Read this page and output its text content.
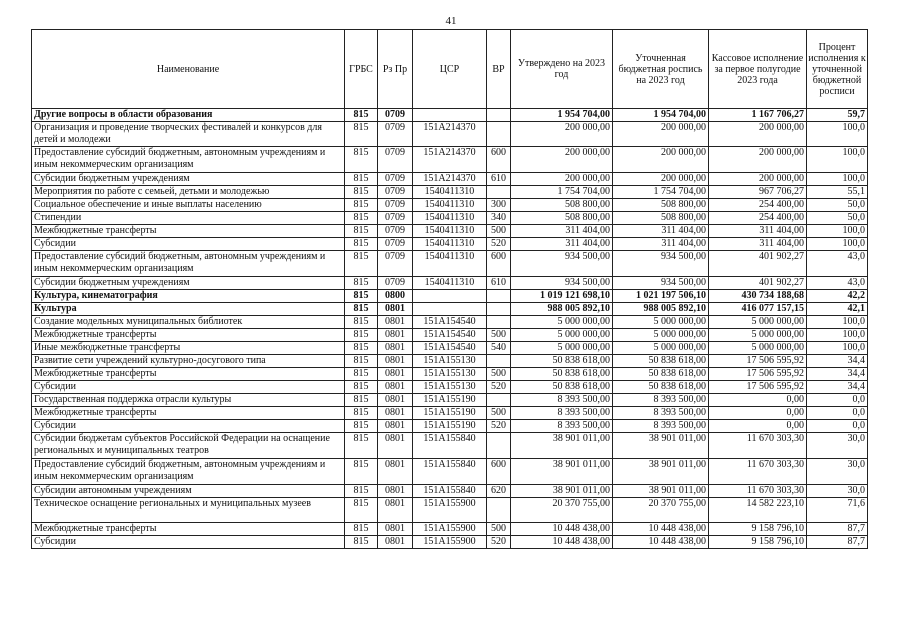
41
Наименование	ГРБС	Рз Пр	ЦСР	ВР	Утверждено на 2023 год	Уточненная бюджетная роспись на 2023 год	Кассовое исполнение за первое полугодие 2023 года	Процент исполнения к уточненной бюджетной росписи
Другие вопросы в области образования	815	0709			1 954 704,00	1 954 704,00	1 167 706,27	59,7
Организация и проведение творческих фестивалей и конкурсов для детей и молодежи	815	0709	151А214370		200 000,00	200 000,00	200 000,00	100,0
Предоставление субсидий бюджетным, автономным учреждениям и иным некоммерческим организациям	815	0709	151А214370	600	200 000,00	200 000,00	200 000,00	100,0
Субсидии бюджетным учреждениям	815	0709	151А214370	610	200 000,00	200 000,00	200 000,00	100,0
Мероприятия по работе с семьей, детьми и молодежью	815	0709	1540411310		1 754 704,00	1 754 704,00	967 706,27	55,1
Социальное обеспечение и иные выплаты населению	815	0709	1540411310	300	508 800,00	508 800,00	254 400,00	50,0
Стипендии	815	0709	1540411310	340	508 800,00	508 800,00	254 400,00	50,0
Межбюджетные трансферты	815	0709	1540411310	500	311 404,00	311 404,00	311 404,00	100,0
Субсидии	815	0709	1540411310	520	311 404,00	311 404,00	311 404,00	100,0
Предоставление субсидий бюджетным, автономным учреждениям и иным некоммерческим организациям	815	0709	1540411310	600	934 500,00	934 500,00	401 902,27	43,0
Субсидии бюджетным учреждениям	815	0709	1540411310	610	934 500,00	934 500,00	401 902,27	43,0
Культура, кинематография	815	0800			1 019 121 698,10	1 021 197 506,10	430 734 188,68	42,2
Культура	815	0801			988 005 892,10	988 005 892,10	416 077 157,15	42,1
Создание модельных муниципальных библиотек	815	0801	151А154540		5 000 000,00	5 000 000,00	5 000 000,00	100,0
Межбюджетные трансферты	815	0801	151А154540	500	5 000 000,00	5 000 000,00	5 000 000,00	100,0
Иные межбюджетные трансферты	815	0801	151А154540	540	5 000 000,00	5 000 000,00	5 000 000,00	100,0
Развитие сети учреждений культурно-досугового типа	815	0801	151А155130		50 838 618,00	50 838 618,00	17 506 595,92	34,4
Межбюджетные трансферты	815	0801	151А155130	500	50 838 618,00	50 838 618,00	17 506 595,92	34,4
Субсидии	815	0801	151А155130	520	50 838 618,00	50 838 618,00	17 506 595,92	34,4
Государственная поддержка отрасли культуры	815	0801	151А155190		8 393 500,00	8 393 500,00	0,00	0,0
Межбюджетные трансферты	815	0801	151А155190	500	8 393 500,00	8 393 500,00	0,00	0,0
Субсидии	815	0801	151А155190	520	8 393 500,00	8 393 500,00	0,00	0,0
Субсидии бюджетам субъектов Российской Федерации на оснащение региональных и муниципальных театров	815	0801	151А155840		38 901 011,00	38 901 011,00	11 670 303,30	30,0
Предоставление субсидий бюджетным, автономным учреждениям и иным некоммерческим организациям	815	0801	151А155840	600	38 901 011,00	38 901 011,00	11 670 303,30	30,0
Субсидии автономным учреждениям	815	0801	151А155840	620	38 901 011,00	38 901 011,00	11 670 303,30	30,0
Техническое оснащение региональных и муниципальных музеев	815	0801	151А155900		20 370 755,00	20 370 755,00	14 582 223,10	71,6
Межбюджетные трансферты	815	0801	151А155900	500	10 448 438,00	10 448 438,00	9 158 796,10	87,7
Субсидии	815	0801	151А155900	520	10 448 438,00	10 448 438,00	9 158 796,10	87,7
